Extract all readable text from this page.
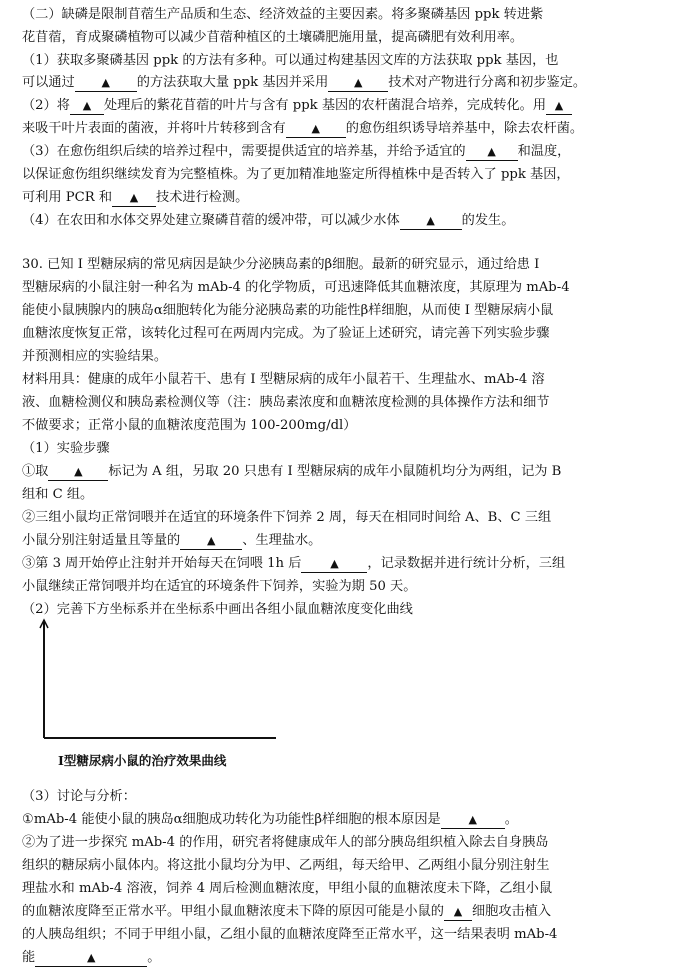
（二）缺磷是限制苜蓿生产品质和生态、经济效益的主要因素。将多聚磷基因 ppk 转进紫
花苜蓿，育成聚磷植物可以减少苜蓿种植区的土壤磷肥施用量，提高磷肥有效利用率。
（1）获取多聚磷基因 ppk 的方法有多种。可以通过构建基因文库的方法获取 ppk 基因，也
可以通过 ▲ 的方法获取大量 ppk 基因并采用 ▲ 技术对产物进行分离和初步鉴定。
（2）将 ▲ 处理后的紫花苜蓿的叶片与含有 ppk 基因的农杆菌混合培养，完成转化。用 ▲
来吸干叶片表面的菌液，并将叶片转移到含有 ▲ 的愈伤组织诱导培养基中，除去农杆菌。
（3）在愈伤组织后续的培养过程中，需要提供适宜的培养基，并给予适宜的 ▲ 和温度，
以保证愈伤组织继续发育为完整植株。为了更加精准地鉴定所得植株中是否转入了 ppk 基因，
可利用 PCR 和 ▲ 技术进行检测。
（4）在农田和水体交界处建立聚磷苜蓿的缓冲带，可以减少水体 ▲ 的发生。
30. 已知 I 型糖尿病的常见病因是缺少分泌胰岛素的β细胞。最新的研究显示，通过给患 I
型糖尿病的小鼠注射一种名为 mAb-4 的化学物质，可迅速降低其血糖浓度，其原理为 mAb-4
能使小鼠胰腺内的胰岛α细胞转化为能分泌胰岛素的功能性β样细胞，从而使 I 型糖尿病小鼠
血糖浓度恢复正常，该转化过程可在两周内完成。为了验证上述研究，请完善下列实验步骤
并预测相应的实验结果。
材料用具：健康的成年小鼠若干、患有 I 型糖尿病的成年小鼠若干、生理盐水、mAb-4 溶
液、血糖检测仪和胰岛素检测仪等（注：胰岛素浓度和血糖浓度检测的具体操作方法和细节
不做要求；正常小鼠的血糖浓度范围为 100-200mg/dl）
（1）实验步骤
①取 ▲ 标记为 A 组，另取 20 只患有 I 型糖尿病的成年小鼠随机均分为两组，记为 B
组和 C 组。
②三组小鼠均正常饲喂并在适宜的环境条件下饲养 2 周，每天在相同时间给 A、B、C 三组
小鼠分别注射适量且等量的 ▲ 、生理盐水。
③第 3 周开始停止注射并开始每天在饲喂 1h 后	▲ ，记录数据并进行统计分析，三组
小鼠继续正常饲喂并均在适宜的环境条件下饲养，实验为期 50 天。
（2）完善下方坐标系并在坐标系中画出各组小鼠血糖浓度变化曲线
I型糖尿病小鼠的治疗效果曲线
（3）讨论与分析：
①mAb-4 能使小鼠的胰岛α细胞成功转化为功能性β样细胞的根本原因是	▲ 。
②为了进一步探究 mAb-4 的作用，研究者将健康成年人的部分胰岛组织植入除去自身胰岛
组织的糖尿病小鼠体内。将这批小鼠均分为甲、乙两组，每天给甲、乙两组小鼠分别注射生
理盐水和 mAb-4 溶液，饲养 4 周后检测血糖浓度，甲组小鼠的血糖浓度未下降，乙组小鼠
的血糖浓度降至正常水平。甲组小鼠血糖浓度未下降的原因可能是小鼠的 ▲ 细胞攻击植入
的人胰岛组织；不同于甲组小鼠，乙组小鼠的血糖浓度降至正常水平，这一结果表明 mAb-4
能	▲	。
